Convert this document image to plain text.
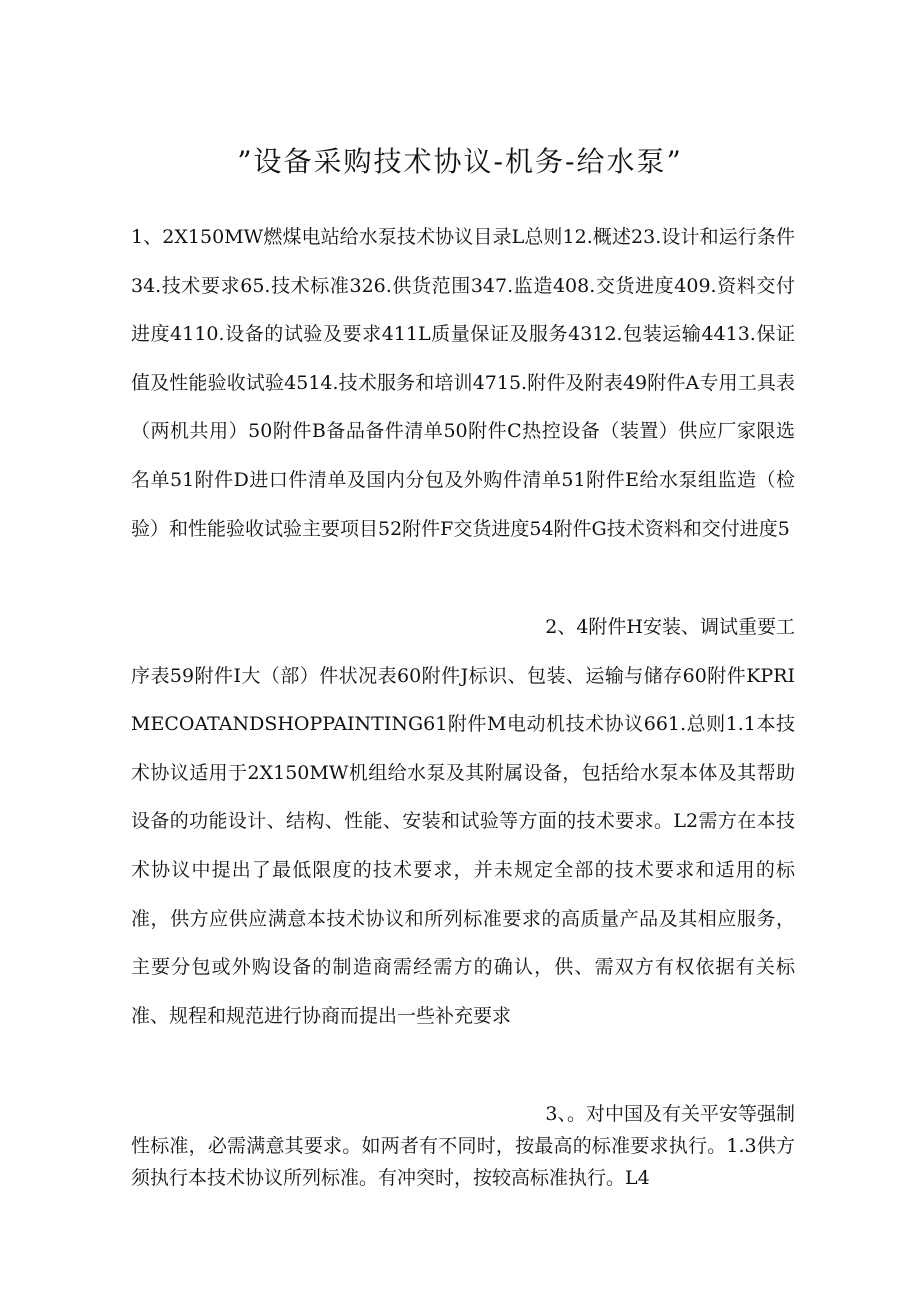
”设备采购技术协议-机务-给水泵”
1、2X150MW燃煤电站给水泵技术协议目录L总则12.概述23.设计和运行条件34.技术要求65.技术标准326.供货范围347.监造408.交货进度409.资料交付进度4110.设备的试验及要求411L质量保证及服务4312.包装运输4413.保证值及性能验收试验4514.技术服务和培训4715.附件及附表49附件A专用工具表（两机共用）50附件B备品备件清单50附件C热控设备（装置）供应厂家限选名单51附件D进口件清单及国内分包及外购件清单51附件E给水泵组监造（检验）和性能验收试验主要项目52附件F交货进度54附件G技术资料和交付进度5
2、4附件H安装、调试重要工
序表59附件I大（部）件状况表60附件J标识、包装、运输与储存60附件KPRIMECOATANDSHOPPAINTING61附件M电动机技术协议661.总则1.1本技术协议适用于2X150MW机组给水泵及其附属设备，包括给水泵本体及其帮助设备的功能设计、结构、性能、安装和试验等方面的技术要求。L2需方在本技术协议中提出了最低限度的技术要求，并未规定全部的技术要求和适用的标准，供方应供应满意本技术协议和所列标准要求的高质量产品及其相应服务，主要分包或外购设备的制造商需经需方的确认，供、需双方有权依据有关标准、规程和规范进行协商而提出一些补充要求
3、。对中国及有关平安等强制
性标准，必需满意其要求。如两者有不同时，按最高的标准要求执行。1.3供方须执行本技术协议所列标准。有冲突时，按较高标准执行。L4
